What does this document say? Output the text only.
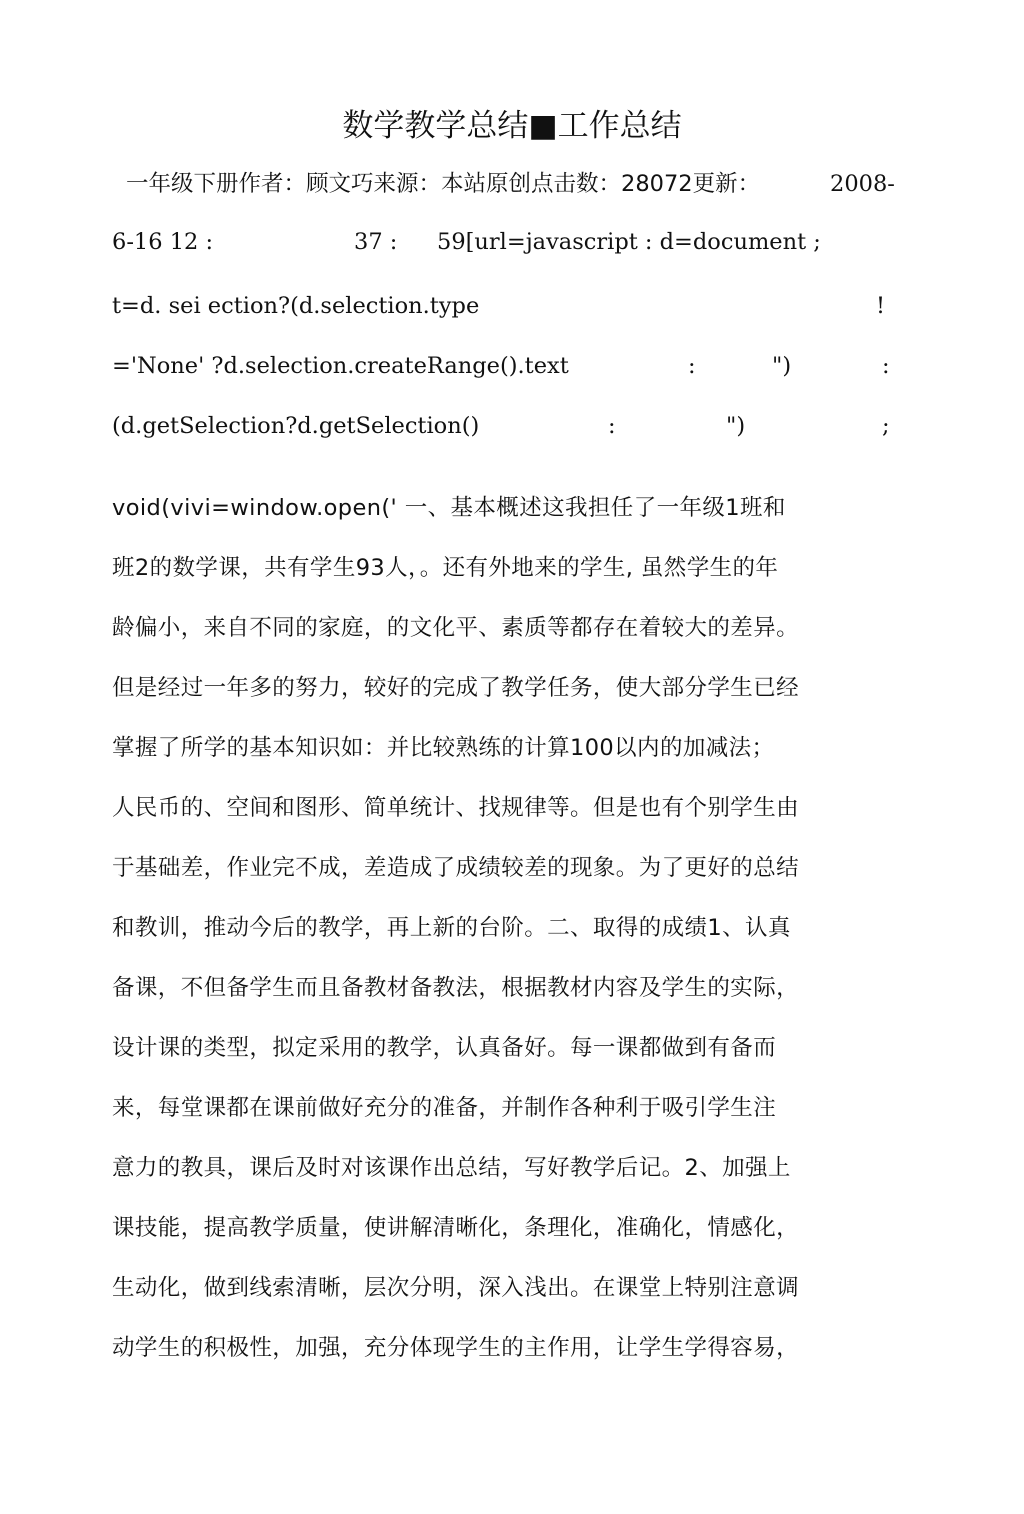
数学教学总结■工作总结
一年级下册作者：顾文巧来源：本站原创点击数：28072更新：	2008-
6-16 12 :	37 : 59[url=javascript : d=document ;
t=d. sei ection?(d.selection.type	!
='None' ?d.selection.createRange().text	:	")	:
(d.getSelection?d.getSelection()	:	")	;
void(vivi=window.open(' 一、基本概述这我担任了一年级1班和
班2的数学课，共有学生93人，。还有外地来的学生, 虽然学生的年
龄偏小，来自不同的家庭，的文化平、素质等都存在着较大的差异。
但是经过一年多的努力，较好的完成了教学任务，使大部分学生已经
掌握了所学的基本知识如：并比较熟练的计算100以内的加减法；
人民币的、空间和图形、简单统计、找规律等。但是也有个别学生由
于基础差，作业完不成，差造成了成绩较差的现象。为了更好的总结
和教训，推动今后的教学，再上新的台阶。二、取得的成绩1、认真
备课，不但备学生而且备教材备教法，根据教材内容及学生的实际，
设计课的类型，拟定采用的教学，认真备好。每一课都做到有备而
来，每堂课都在课前做好充分的准备，并制作各种利于吸引学生注
意力的教具，课后及时对该课作出总结，写好教学后记。2、加强上
课技能，提高教学质量，使讲解清晰化，条理化，准确化，情感化，
生动化，做到线索清晰，层次分明，深入浅出。在课堂上特别注意调
动学生的积极性，加强，充分体现学生的主作用，让学生学得容易，
